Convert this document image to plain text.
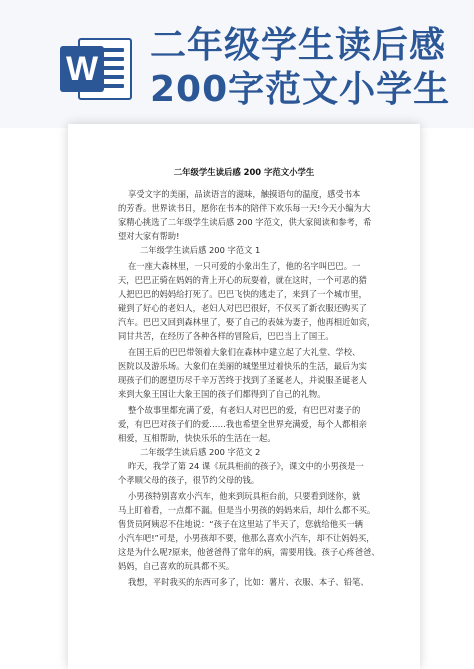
W
二年级学生读后感
200字范文小学生
二年级学生读后感 200 字范文小学生
享受文字的美丽，品读语言的滋味，触摸语句的温度，感受书本
的芳香。世界读书日，愿你在书本的陪伴下欢乐每一天!今天小编为大
家精心挑选了二年级学生读后感 200 字范文，供大家阅读和参考，希
望对大家有帮助!
二年级学生读后感 200 字范文 1
在一座大森林里，一只可爱的小象出生了，他的名字叫巴巴。一
天，巴巴正骑在妈妈的背上开心的玩耍着，就在这时，一个可恶的猎
人把巴巴的妈妈给打死了。巴巴飞快的逃走了，来到了一个城市里，
碰到了好心的老妇人，老妇人对巴巴很好，不仅买了新衣服还购买了
汽车。巴巴又回到森林里了，娶了自己的表妹为妻子，他再相近如宾，
同甘共苦，在经历了各种各样的冒险后，巴巴当上了国王。
在国王后的巴巴带领着大象们在森林中建立起了大礼堂、学校、
医院以及游乐场。大象们在美丽的城堡里过着快乐的生活，最后为实
现孩子们的愿望历尽千辛万苦终于找到了圣诞老人，并说服圣诞老人
来到大象王国让大象王国的孩子们都得到了自己的礼物。
整个故事里都充满了爱，有老妇人对巴巴的爱，有巴巴对妻子的
爱，有巴巴对孩子们的爱……我也希望全世界充满爱，每个人都相亲
相爱，互相帮助，快快乐乐的生活在一起。
二年级学生读后感 200 字范文 2
昨天，我学了第 24 课《玩具柜前的孩子》，课文中的小男孩是一
个孝顺父母的孩子，很节约父母的钱。
小男孩特别喜欢小汽车，他来到玩具柜台前，只要看到迷你，就
马上盯着看，一点都不漏。但是当小男孩的妈妈来后，却什么都不买。
售货员阿姨忍不住地说：“孩子在这里站了半天了，您就给他买一辆
小汽车吧!”可是，小男孩却不要，他那么喜欢小汽车，却不让妈妈买，
这是为什么呢?原来，他爸爸得了常年的病，需要用钱。孩子心疼爸爸、
妈妈，自己喜欢的玩具都不买。
我想，平时我买的东西可多了，比如：薯片、衣服、本子、铅笔、
